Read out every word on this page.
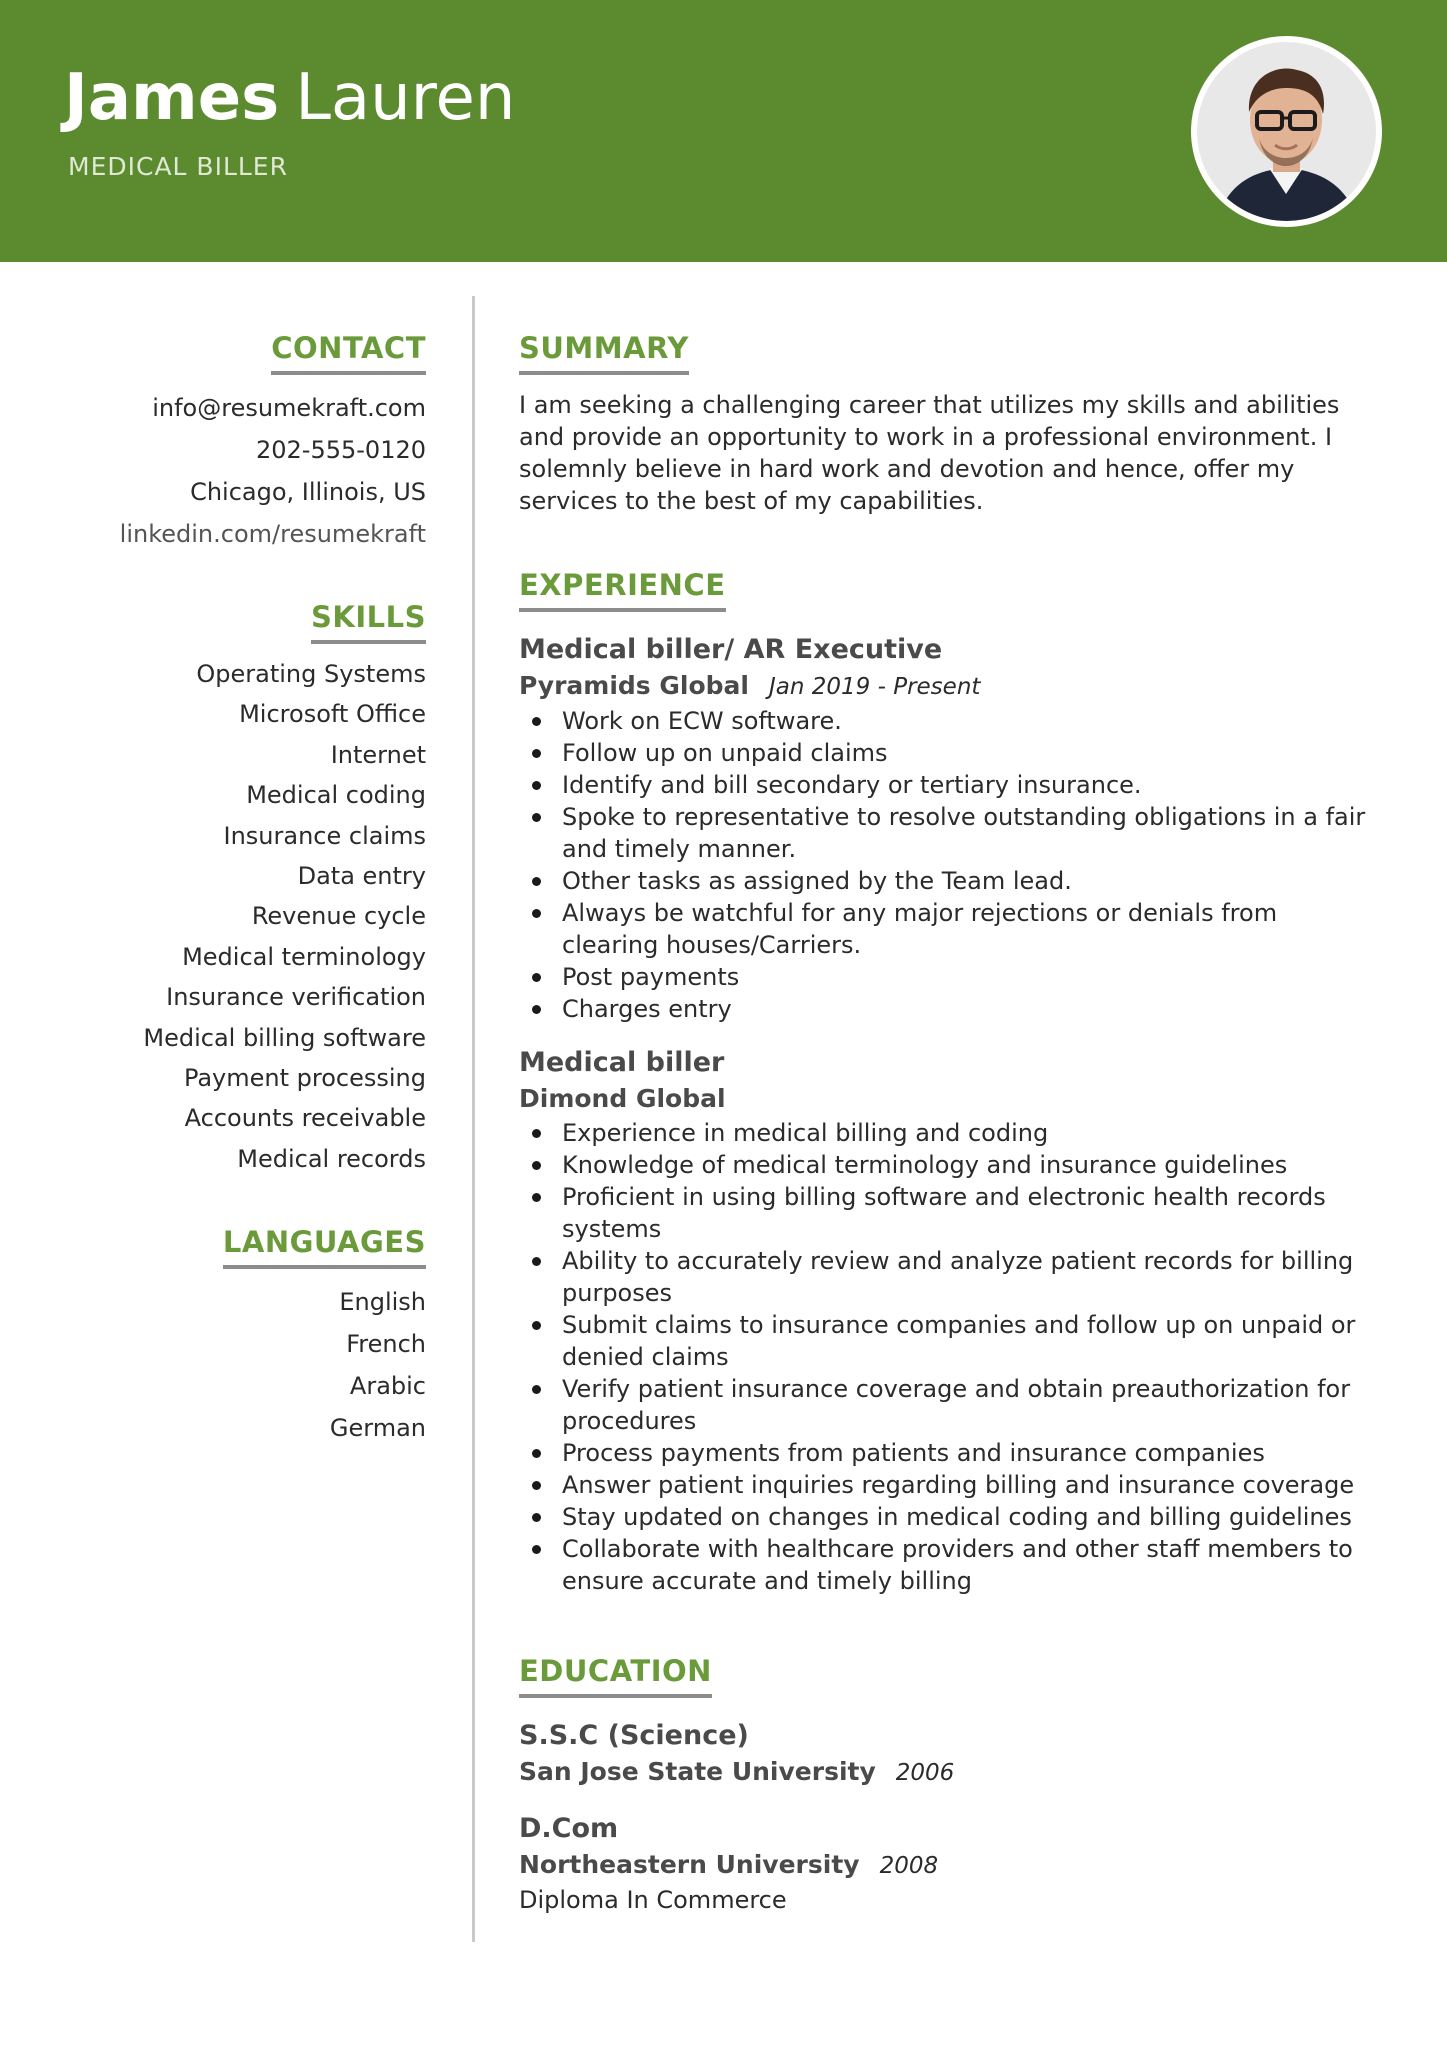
James Lauren
MEDICAL BILLER
CONTACT
info@resumekraft.com
202-555-0120
Chicago, Illinois, US
linkedin.com/resumekraft
SKILLS
Operating Systems
Microsoft Office
Internet
Medical coding
Insurance claims
Data entry
Revenue cycle
Medical terminology
Insurance verification
Medical billing software
Payment processing
Accounts receivable
Medical records
LANGUAGES
English
French
Arabic
German
SUMMARY

I am seeking a challenging career that utilizes my skills and abilities and provide an opportunity to work in a professional environment. I solemnly believe in hard work and devotion and hence, offer my services to the best of my capabilities.

EXPERIENCE
Medical biller/ AR Executive
Pyramids Global Jan 2019 - Present
Work on ECW software.
Follow up on unpaid claims
Identify and bill secondary or tertiary insurance.
Spoke to representative to resolve outstanding obligations in a fair and timely manner.
Other tasks as assigned by the Team lead.
Always be watchful for any major rejections or denials from clearing houses/Carriers.
Post payments
Charges entry
Medical biller
Dimond Global
Experience in medical billing and coding
Knowledge of medical terminology and insurance guidelines
Proficient in using billing software and electronic health records systems
Ability to accurately review and analyze patient records for billing purposes
Submit claims to insurance companies and follow up on unpaid or denied claims
Verify patient insurance coverage and obtain preauthorization for procedures
Process payments from patients and insurance companies
Answer patient inquiries regarding billing and insurance coverage
Stay updated on changes in medical coding and billing guidelines
Collaborate with healthcare providers and other staff members to ensure accurate and timely billing
EDUCATION
S.S.C (Science)
San Jose State University 2006
D.Com
Northeastern University 2008
Diploma In Commerce
